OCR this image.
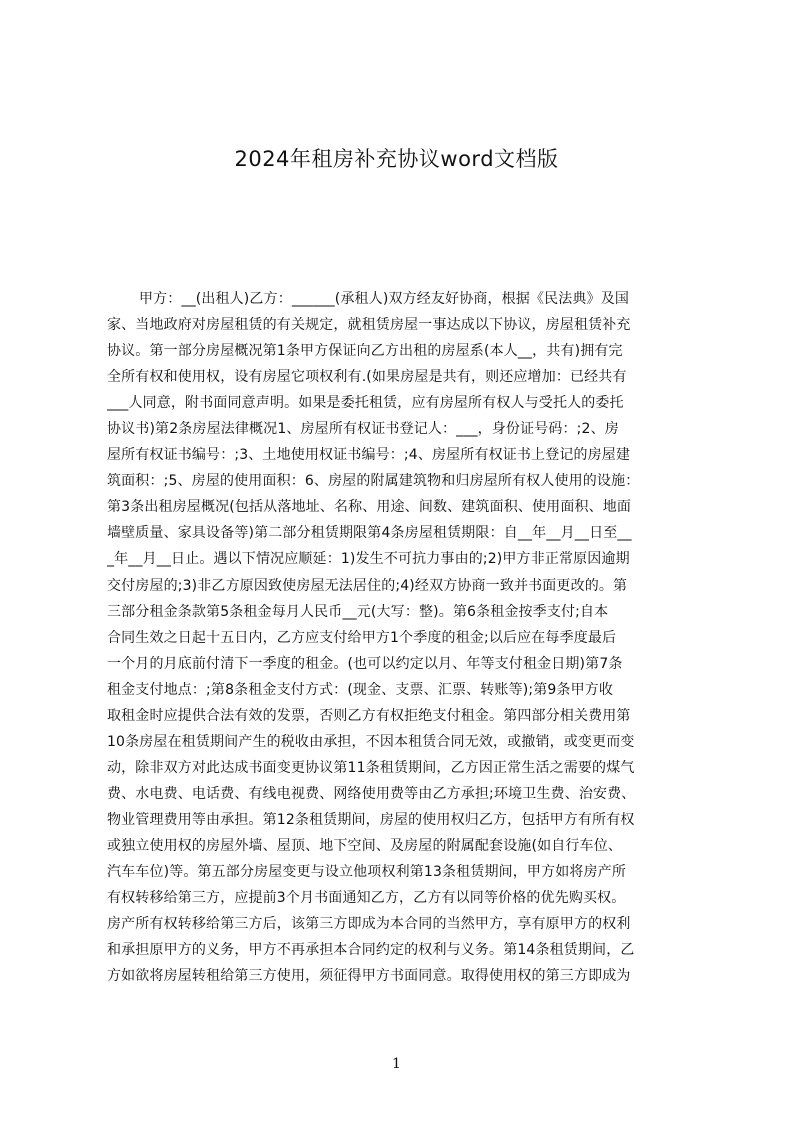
2024年租房补充协议word文档版
甲方：__(出租人)乙方：______(承租人)双方经友好协商，根据《民法典》及国
家、当地政府对房屋租赁的有关规定，就租赁房屋一事达成以下协议，房屋租赁补充
协议。第一部分房屋概况第1条甲方保证向乙方出租的房屋系(本人__，共有)拥有完
全所有权和使用权，设有房屋它项权利有.(如果房屋是共有，则还应增加：已经共有
___人同意，附书面同意声明。如果是委托租赁，应有房屋所有权人与受托人的委托
协议书)第2条房屋法律概况1、房屋所有权证书登记人：___，身份证号码：;2、房
屋所有权证书编号：;3、土地使用权证书编号：;4、房屋所有权证书上登记的房屋建
筑面积：;5、房屋的使用面积：6、房屋的附属建筑物和归房屋所有权人使用的设施：
第3条出租房屋概况(包括从落地址、名称、用途、间数、建筑面积、使用面积、地面
墙壁质量、家具设备等)第二部分租赁期限第4条房屋租赁期限：自__年__月__日至__
_年__月__日止。遇以下情况应顺延：1)发生不可抗力事由的;2)甲方非正常原因逾期
交付房屋的;3)非乙方原因致使房屋无法居住的;4)经双方协商一致并书面更改的。第
三部分租金条款第5条租金每月人民币__元(大写：整)。第6条租金按季支付;自本
合同生效之日起十五日内，乙方应支付给甲方1个季度的租金;以后应在每季度最后
一个月的月底前付清下一季度的租金。(也可以约定以月、年等支付租金日期)第7条
租金支付地点：;第8条租金支付方式：(现金、支票、汇票、转账等);第9条甲方收
取租金时应提供合法有效的发票，否则乙方有权拒绝支付租金。第四部分相关费用第
10条房屋在租赁期间产生的税收由承担，不因本租赁合同无效，或撤销，或变更而变
动，除非双方对此达成书面变更协议第11条租赁期间，乙方因正常生活之需要的煤气
费、水电费、电话费、有线电视费、网络使用费等由乙方承担;环境卫生费、治安费、
物业管理费用等由承担。第12条租赁期间，房屋的使用权归乙方，包括甲方有所有权
或独立使用权的房屋外墙、屋顶、地下空间、及房屋的附属配套设施(如自行车位、
汽车车位)等。第五部分房屋变更与设立他项权利第13条租赁期间，甲方如将房产所
有权转移给第三方，应提前3个月书面通知乙方，乙方有以同等价格的优先购买权。
房产所有权转移给第三方后，该第三方即成为本合同的当然甲方，享有原甲方的权利
和承担原甲方的义务，甲方不再承担本合同约定的权利与义务。第14条租赁期间，乙
方如欲将房屋转租给第三方使用，须征得甲方书面同意。取得使用权的第三方即成为
1
